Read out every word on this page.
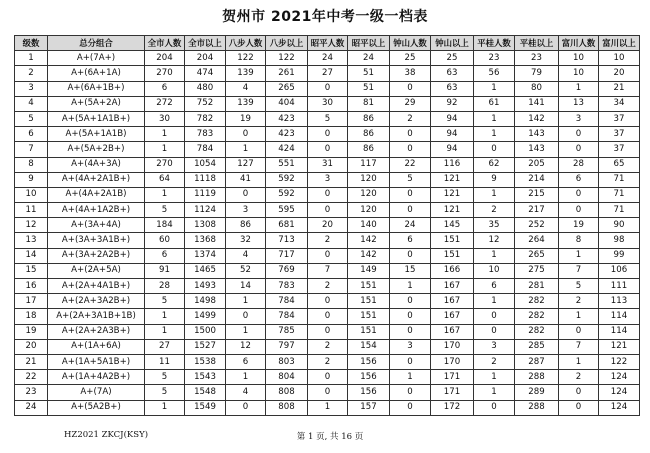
贺州市 2021年中考一级一档表
级数	总分组合	全市人数	全市以上	八步人数	八步以上	昭平人数	昭平以上	钟山人数	钟山以上	平桂人数	平桂以上	富川人数	富川以上
1	A+(7A+)	204	204	122	122	24	24	25	25	23	23	10	10
2	A+(6A+1A)	270	474	139	261	27	51	38	63	56	79	10	20
3	A+(6A+1B+)	6	480	4	265	0	51	0	63	1	80	1	21
4	A+(5A+2A)	272	752	139	404	30	81	29	92	61	141	13	34
5	A+(5A+1A1B+)	30	782	19	423	5	86	2	94	1	142	3	37
6	A+(5A+1A1B)	1	783	0	423	0	86	0	94	1	143	0	37
7	A+(5A+2B+)	1	784	1	424	0	86	0	94	0	143	0	37
8	A+(4A+3A)	270	1054	127	551	31	117	22	116	62	205	28	65
9	A+(4A+2A1B+)	64	1118	41	592	3	120	5	121	9	214	6	71
10	A+(4A+2A1B)	1	1119	0	592	0	120	0	121	1	215	0	71
11	A+(4A+1A2B+)	5	1124	3	595	0	120	0	121	2	217	0	71
12	A+(3A+4A)	184	1308	86	681	20	140	24	145	35	252	19	90
13	A+(3A+3A1B+)	60	1368	32	713	2	142	6	151	12	264	8	98
14	A+(3A+2A2B+)	6	1374	4	717	0	142	0	151	1	265	1	99
15	A+(2A+5A)	91	1465	52	769	7	149	15	166	10	275	7	106
16	A+(2A+4A1B+)	28	1493	14	783	2	151	1	167	6	281	5	111
17	A+(2A+3A2B+)	5	1498	1	784	0	151	0	167	1	282	2	113
18	A+(2A+3A1B+1B)	1	1499	0	784	0	151	0	167	0	282	1	114
19	A+(2A+2A3B+)	1	1500	1	785	0	151	0	167	0	282	0	114
20	A+(1A+6A)	27	1527	12	797	2	154	3	170	3	285	7	121
21	A+(1A+5A1B+)	11	1538	6	803	2	156	0	170	2	287	1	122
22	A+(1A+4A2B+)	5	1543	1	804	0	156	1	171	1	288	2	124
23	A+(7A)	5	1548	4	808	0	156	0	171	1	289	0	124
24	A+(5A2B+)	1	1549	0	808	1	157	0	172	0	288	0	124
HZ2021 ZKCJ(KSY)	第 1 页, 共 16 页
